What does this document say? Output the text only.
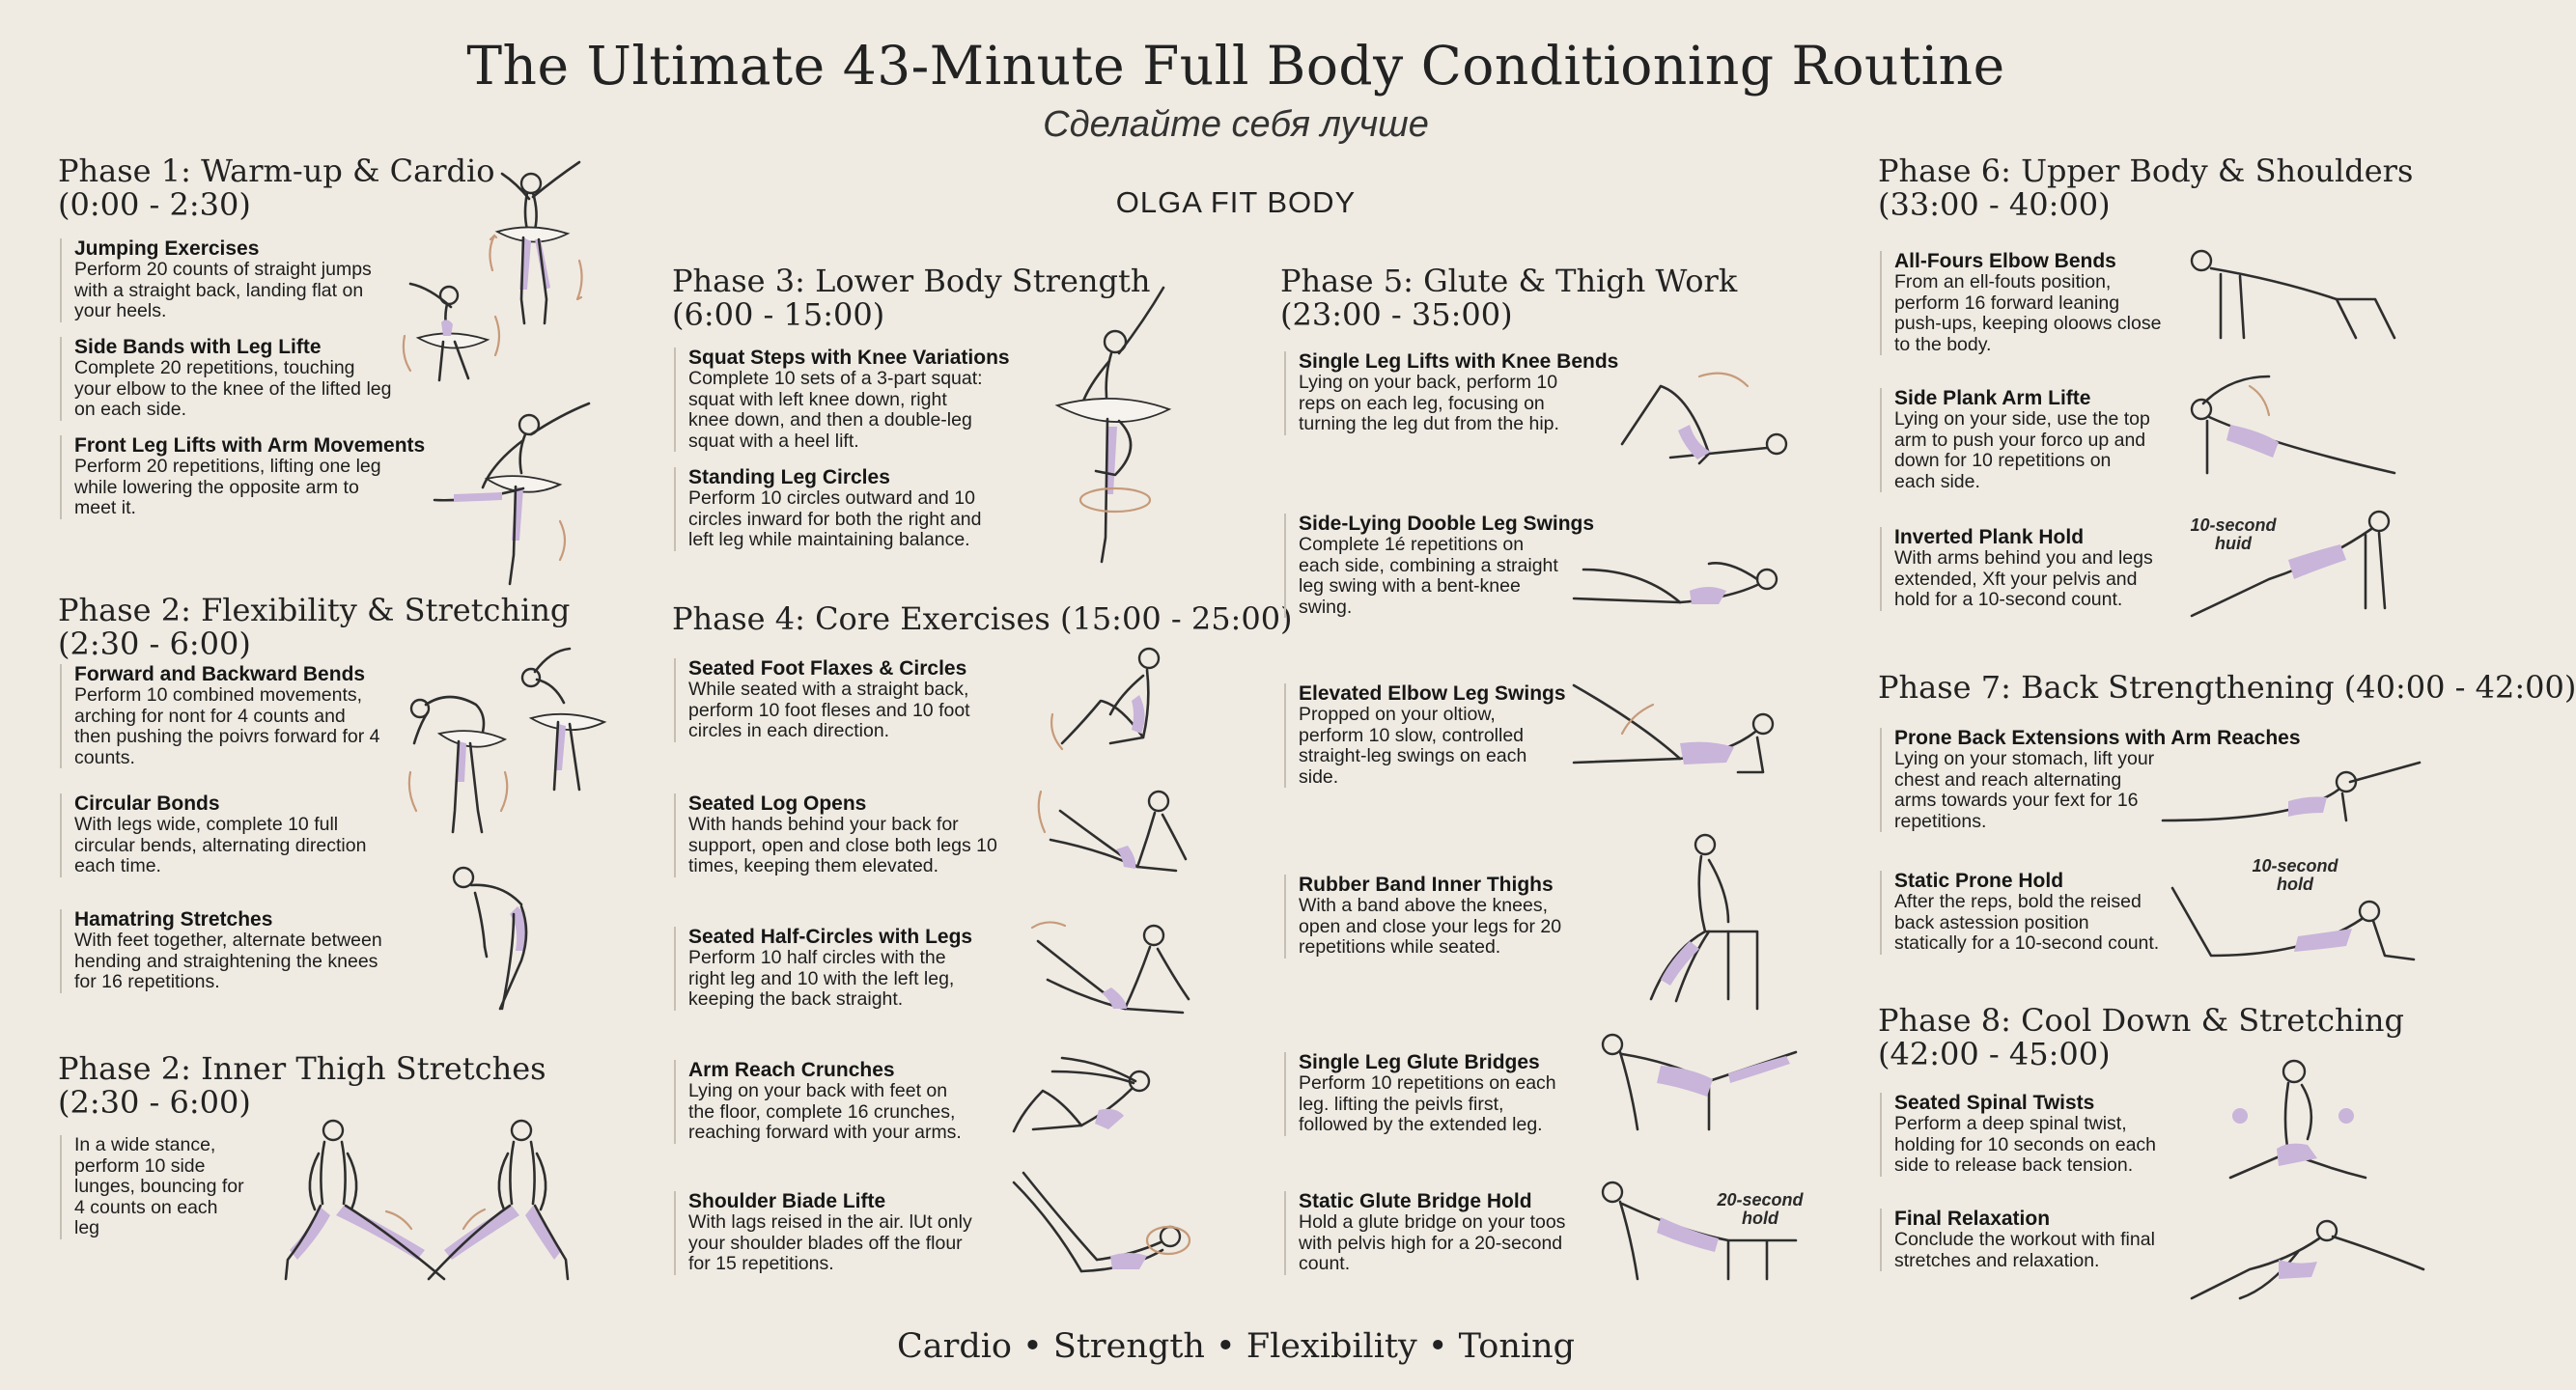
The Ultimate 43-Minute Full Body Conditioning Routine
Сделайте себя лучше
OLGA FIT BODY
Cardio • Strength • Flexibility • Toning
Phase 1: Warm-up & Cardio
(0:00 - 2:30)
Phase 2: Flexibility & Stretching
(2:30 - 6:00)
Phase 2: Inner Thigh Stretches
(2:30 - 6:00)
Phase 3: Lower Body Strength
(6:00 - 15:00)
Phase 4: Core Exercises (15:00 - 25:00)
Phase 5: Glute & Thigh Work
(23:00 - 35:00)
Phase 6: Upper Body & Shoulders
(33:00 - 40:00)
Phase 7: Back Strengthening (40:00 - 42:00)
Phase 8: Cool Down & Stretching
(42:00 - 45:00)
Jumping Exercises
Perform 20 counts of straight jumps
with a straight back, landing flat on
your heels.
Side Bands with Leg Lifte
Complete 20 repetitions, touching
your elbow to the knee of the lifted leg
on each side.
Front Leg Lifts with Arm Movements
Perform 20 repetitions, lifting one leg
while lowering the opposite arm to
meet it.
Forward and Backward Bends
Perform 10 combined movements,
arching for nont for 4 counts and
then pushing the poivrs forward for 4
counts.
Circular Bonds
With legs wide, complete 10 full
circular bends, alternating direction
each time.
Hamatring Stretches
With feet together, alternate between
hending and straightening the knees
for 16 repetitions.
In a wide stance,
perform 10 side
lunges, bouncing for
4 counts on each
leg
Squat Steps with Knee Variations
Complete 10 sets of a 3-part squat:
squat with left knee down, right
knee down, and then a double-leg
squat with a heel lift.
Standing Leg Circles
Perform 10 circles outward and 10
circles inward for both the right and
left leg while maintaining balance.
Seated Foot Flaxes & Circles
While seated with a straight back,
perform 10 foot fleses and 10 foot
circles in each direction.
Seated Log Opens
With hands behind your back for
support, open and close both legs 10
times, keeping them elevated.
Seated Half-Circles with Legs
Perform 10 half circles with the
right leg and 10 with the left leg,
keeping the back straight.
Arm Reach Crunches
Lying on your back with feet on
the floor, complete 16 crunches,
reaching forward with your arms.
Shoulder Biade Lifte
With lags reised in the air. lUt only
your shoulder blades off the flour
for 15 repetitions.
Single Leg Lifts with Knee Bends
Lying on your back, perform 10
reps on each leg, focusing on
turning the leg dut from the hip.
Side-Lying Dooble Leg Swings
Complete 1é repetitions on
each side, combining a straight
leg swing with a bent-knee
swing.
Elevated Elbow Leg Swings
Propped on your oltiow,
perform 10 slow, controlled
straight-leg swings on each
side.
Rubber Band Inner Thighs
With a band above the knees,
open and close your legs for 20
repetitions while seated.
Single Leg Glute Bridges
Perform 10 repetitions on each
leg. lifting the peivls first,
followed by the extended leg.
Static Glute Bridge Hold
Hold a glute bridge on your toos
with pelvis high for a 20-second
count.
All-Fours Elbow Bends
From an ell-fouts position,
perform 16 forward leaning
push-ups, keeping oloows close
to the body.
Side Plank Arm Lifte
Lying on your side, use the top
arm to push your forco up and
down for 10 repetitions on
each side.
Inverted Plank Hold
With arms behind you and legs
extended, Xft your pelvis and
hold for a 10-second count.
Prone Back Extensions with Arm Reaches
Lying on your stomach, lift your
chest and reach alternating
arms towards your fext for 16
repetitions.
Static Prone Hold
After the reps, bold the reised
back astession position
statically for a 10-second count.
Seated Spinal Twists
Perform a deep spinal twist,
holding for 10 seconds on each
side to release back tension.
Final Relaxation
Conclude the workout with final
stretches and relaxation.
20-second
hold
10-second
huid
10-second
hold
